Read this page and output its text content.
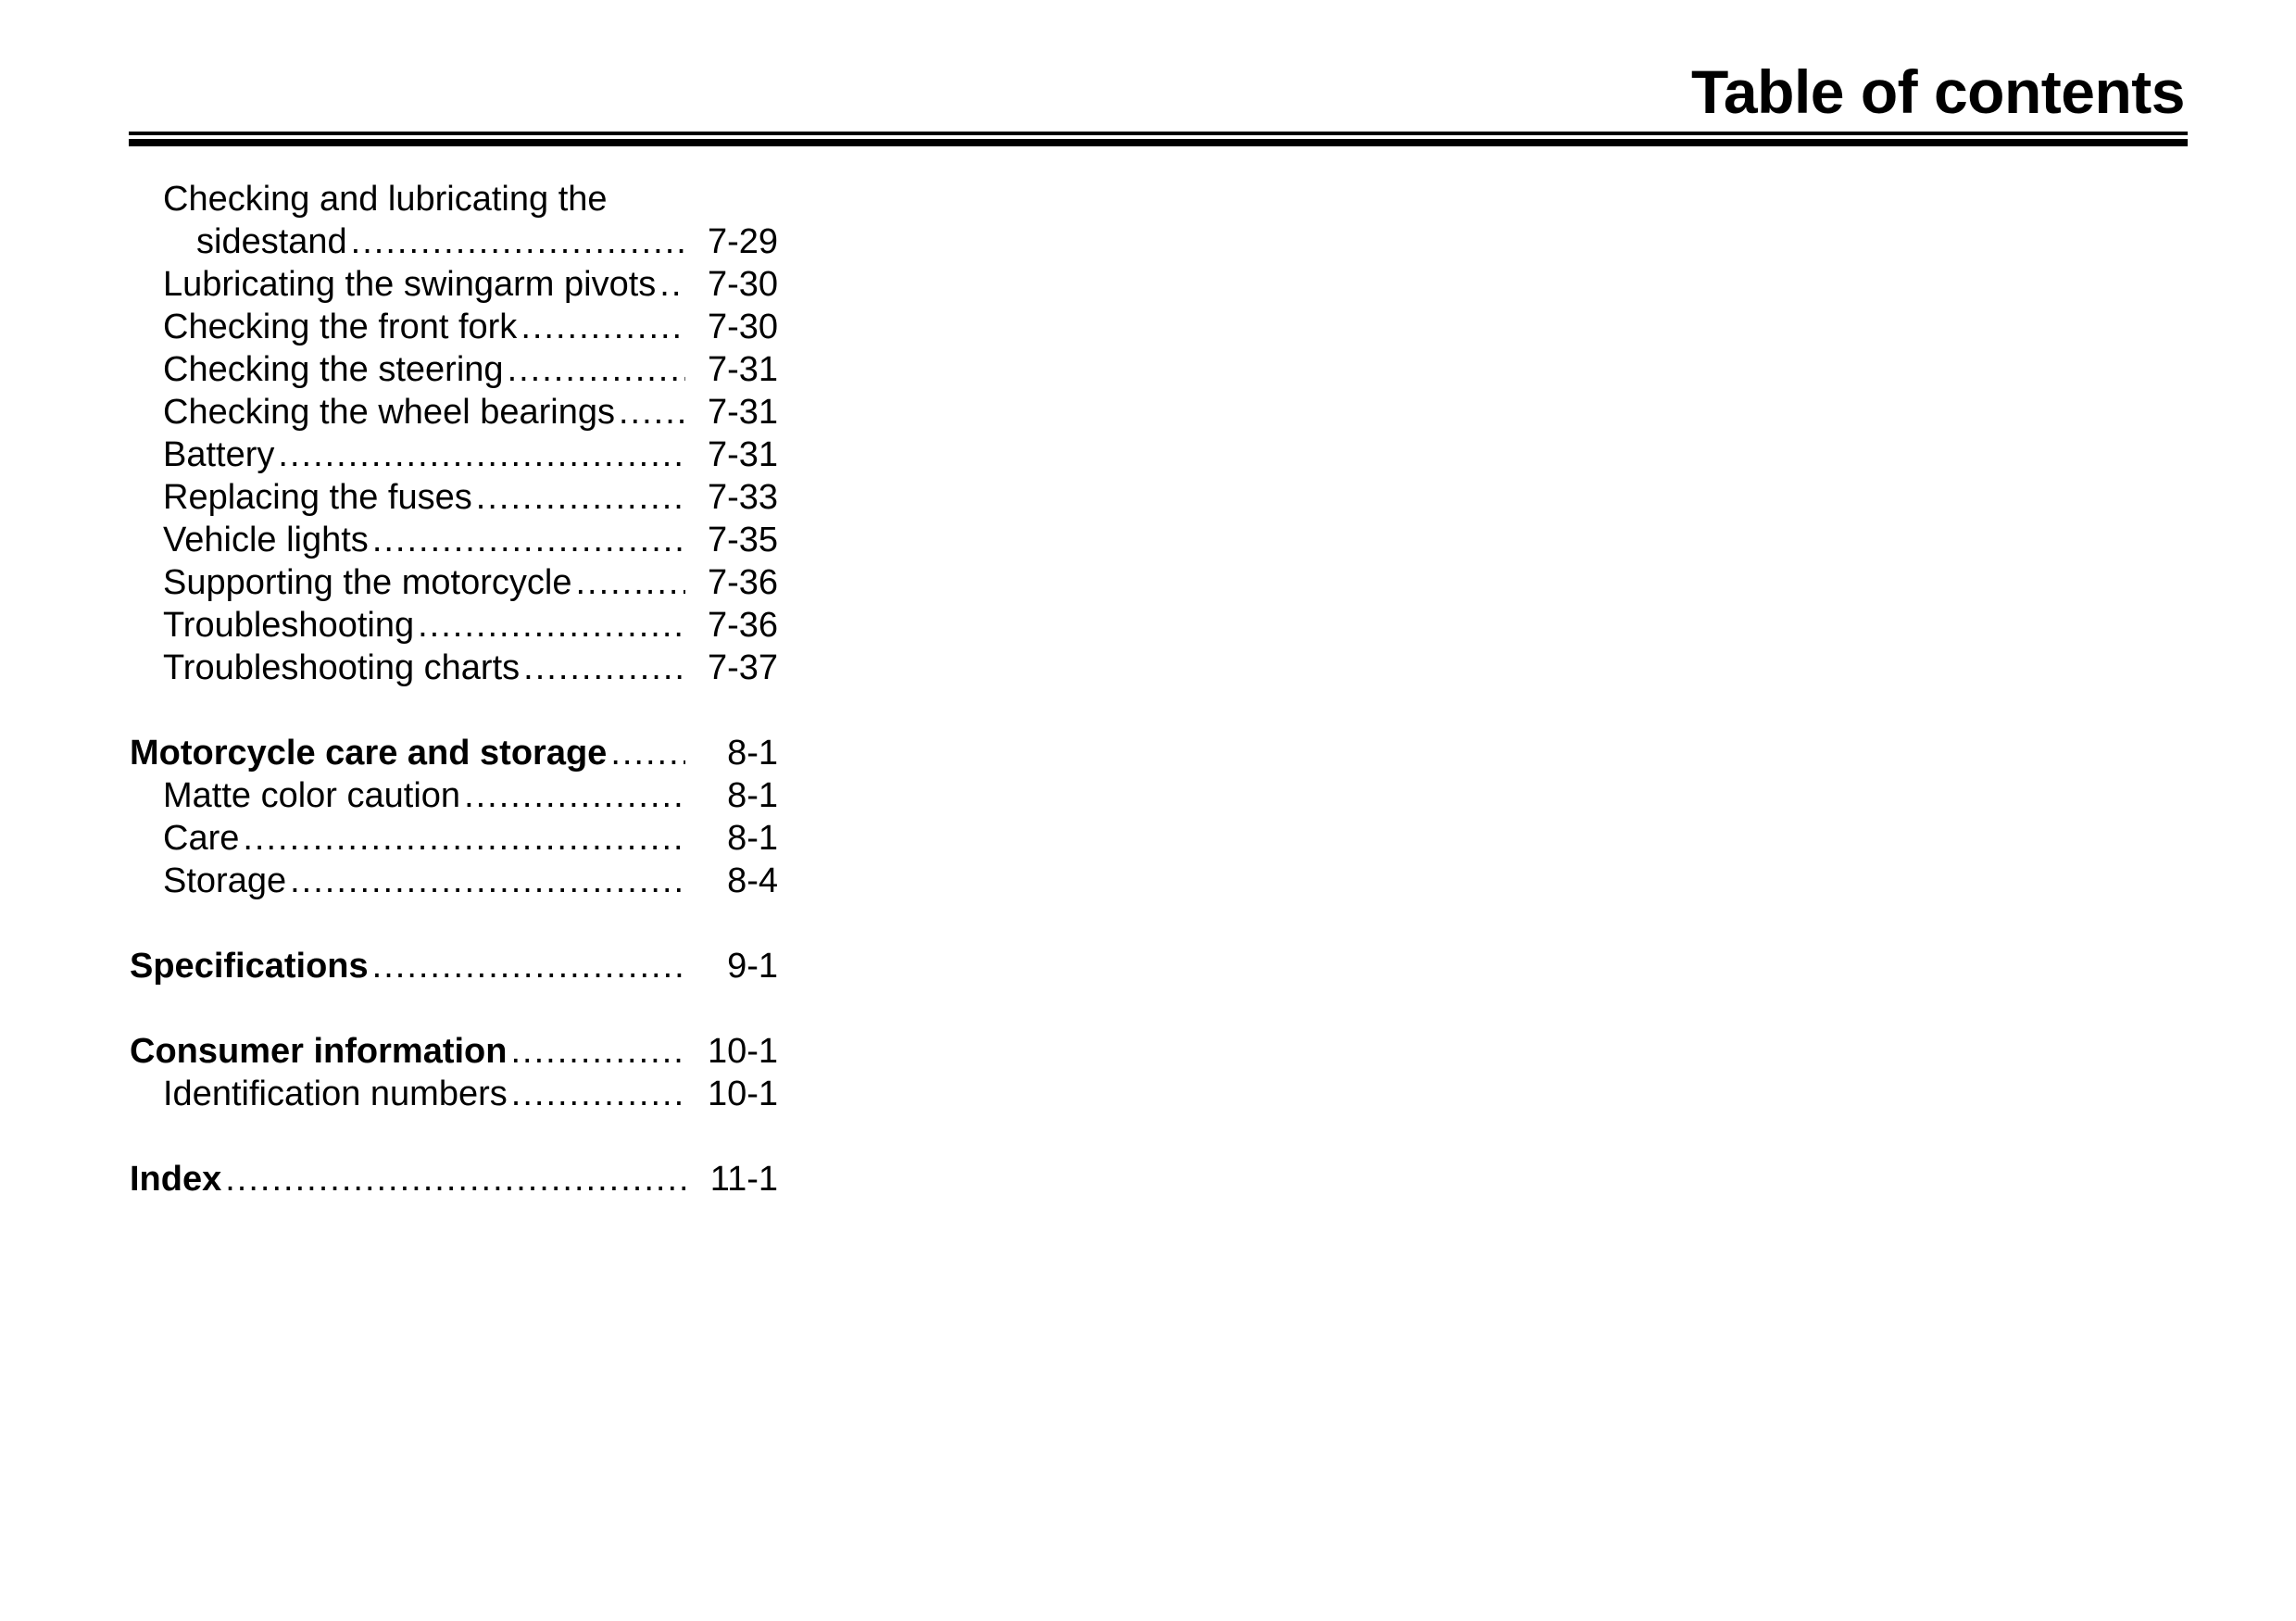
Table of contents
Checking and lubricating the
sidestand .....	7-29
Lubricating the swingarm pivots .....	7-30
Checking the front fork .....	7-30
Checking the steering .....	7-31
Checking the wheel bearings .....	7-31
Battery .....	7-31
Replacing the fuses .....	7-33
Vehicle lights .....	7-35
Supporting the motorcycle .....	7-36
Troubleshooting .....	7-36
Troubleshooting charts .....	7-37
Motorcycle care and storage .....	8-1
Matte color caution .....	8-1
Care .....	8-1
Storage .....	8-4
Specifications .....	9-1
Consumer information .....	10-1
Identification numbers .....	10-1
Index .....	11-1
